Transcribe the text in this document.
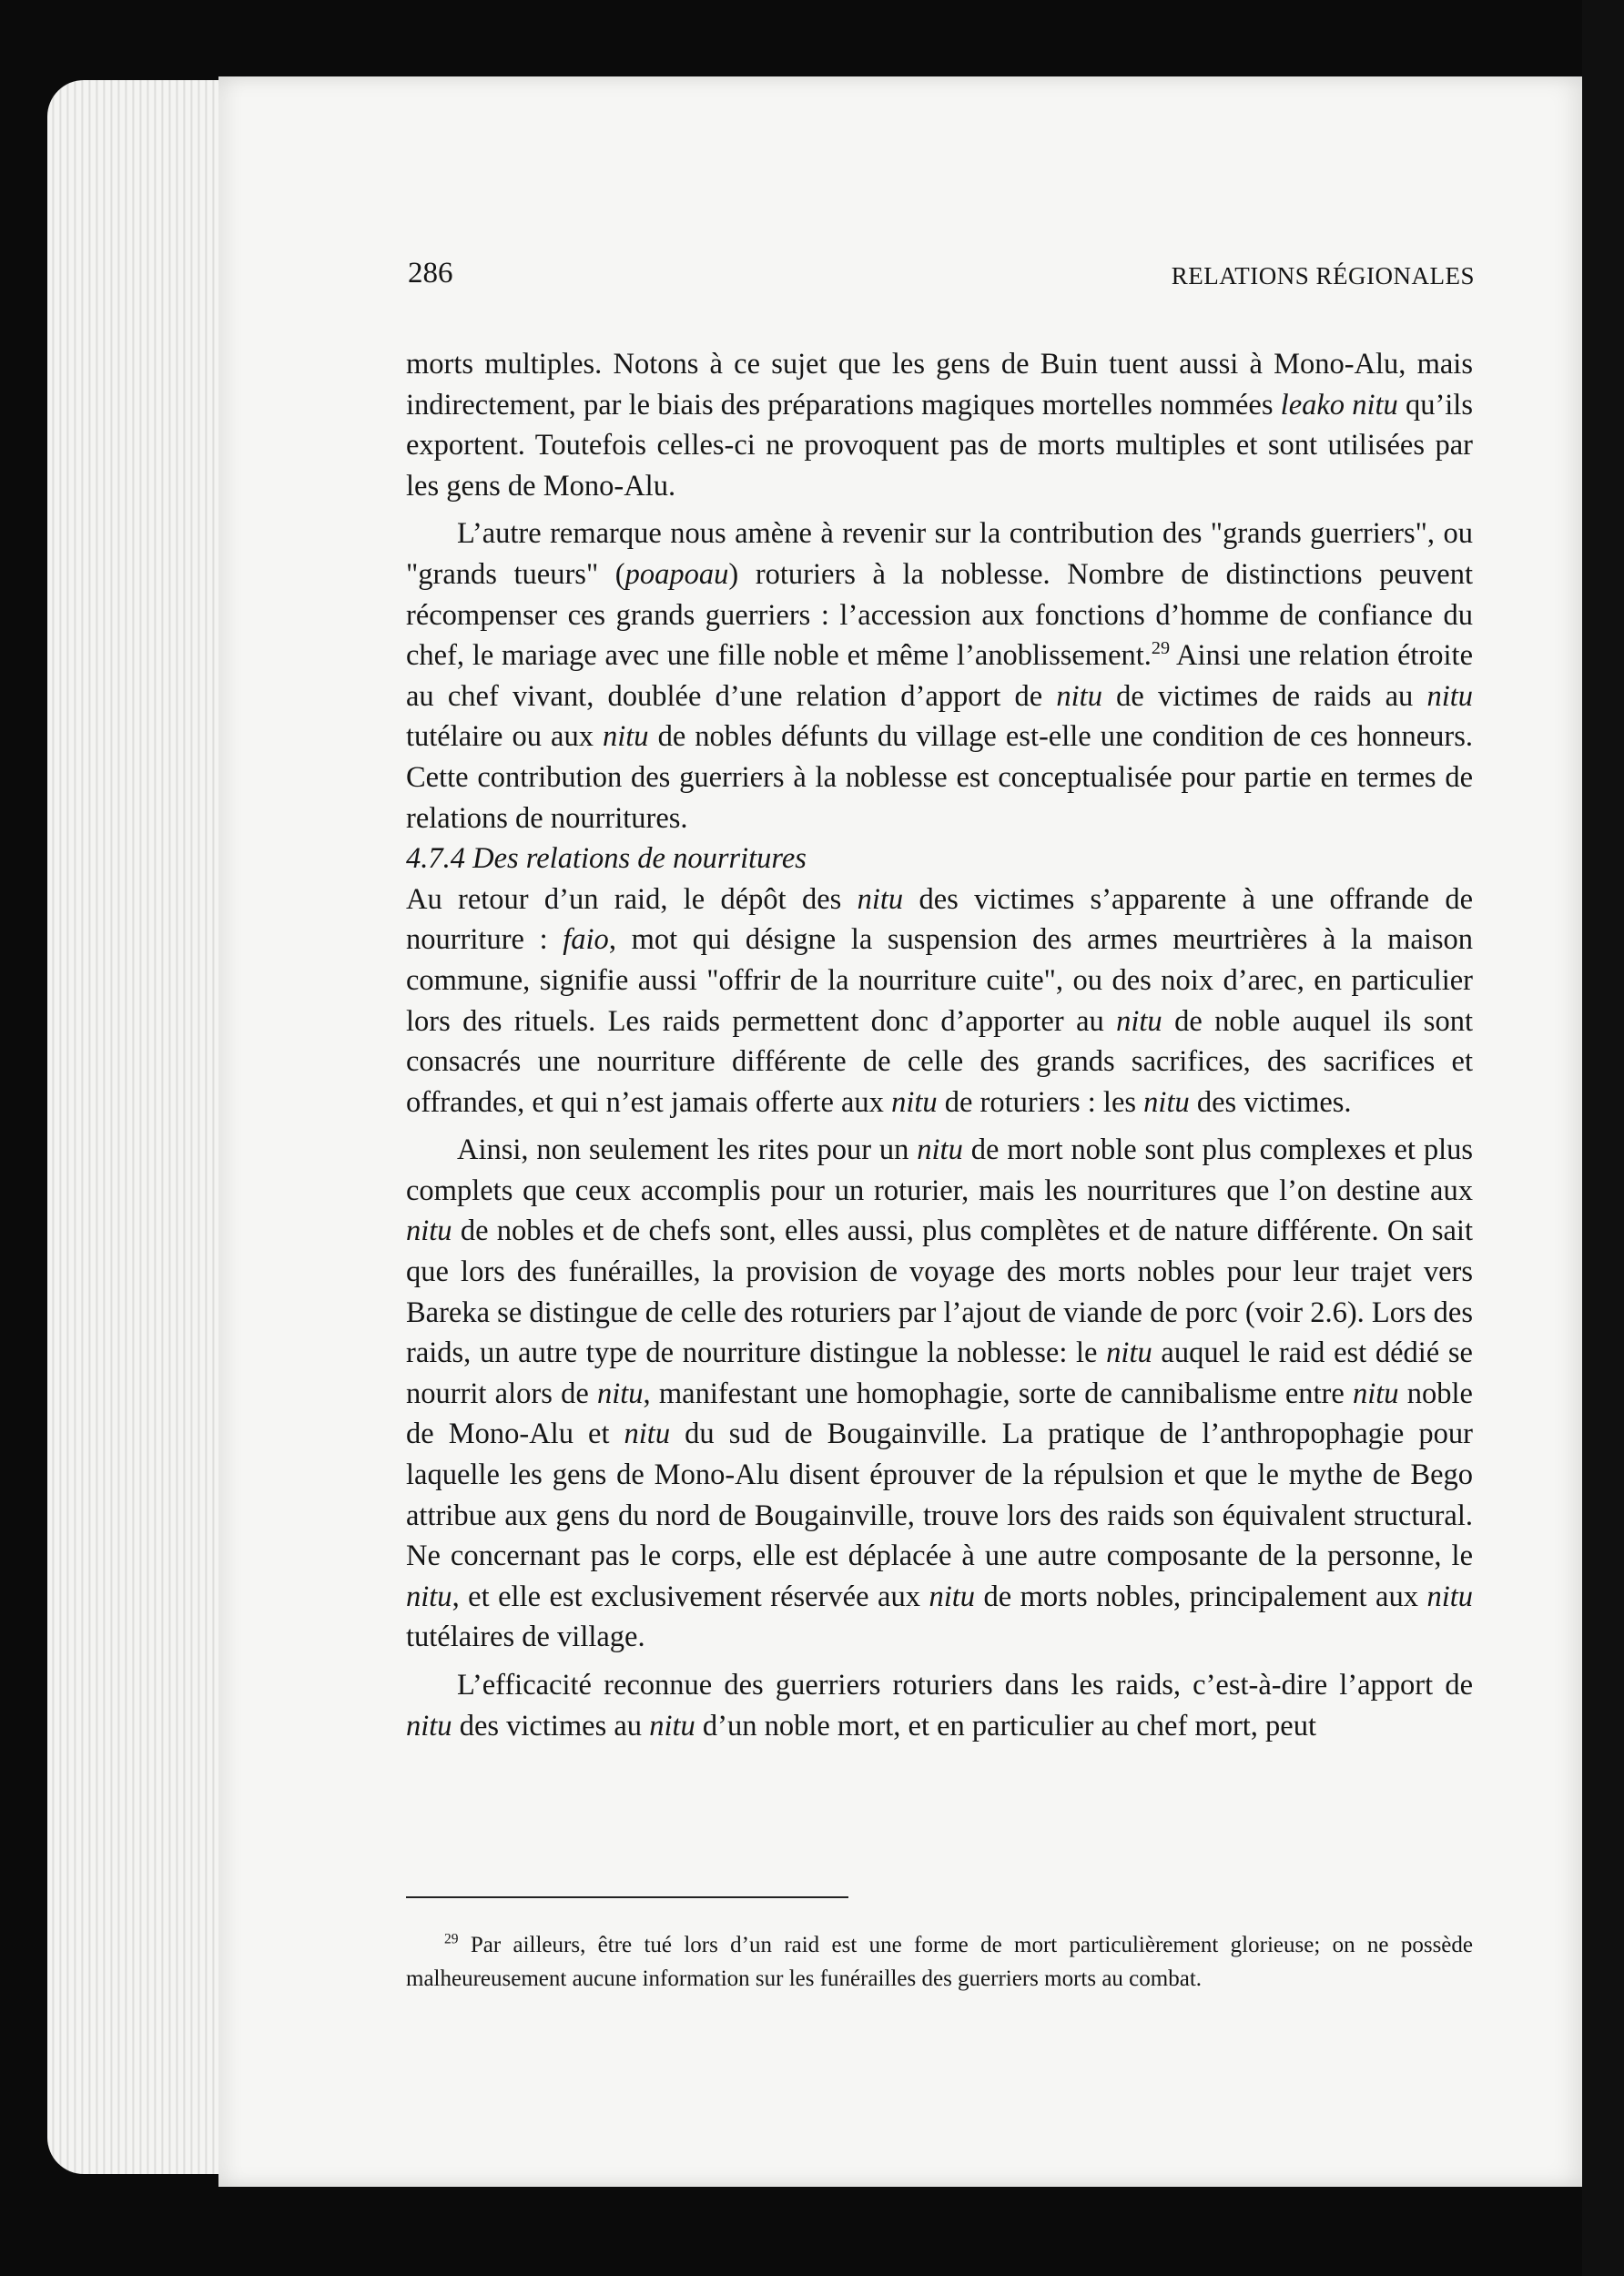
286	RELATIONS RÉGIONALES

morts multiples. Notons à ce sujet que les gens de Buin tuent aussi à Mono-Alu, mais indirectement, par le biais des préparations magiques mortelles nommées leako nitu qu’ils exportent. Toutefois celles-ci ne provoquent pas de morts multiples et sont utilisées par les gens de Mono-Alu.

L’autre remarque nous amène à revenir sur la contribution des "grands guerriers", ou "grands tueurs" (poapoau) roturiers à la noblesse. Nombre de distinctions peuvent récompenser ces grands guerriers : l’accession aux fonctions d’homme de confiance du chef, le mariage avec une fille noble et même l’anoblissement.$^{29}$ Ainsi une relation étroite au chef vivant, doublée d’une relation d’apport de nitu de victimes de raids au nitu tutélaire ou aux nitu de nobles défunts du village est-elle une condition de ces honneurs. Cette contribution des guerriers à la noblesse est conceptualisée pour partie en termes de relations de nourritures.

4.7.4 Des relations de nourritures

Au retour d’un raid, le dépôt des nitu des victimes s’apparente à une offrande de nourriture : faio, mot qui désigne la suspension des armes meurtrières à la maison commune, signifie aussi "offrir de la nourriture cuite", ou des noix d’arec, en particulier lors des rituels. Les raids permettent donc d’apporter au nitu de noble auquel ils sont consacrés une nourriture différente de celle des grands sacrifices, des sacrifices et offrandes, et qui n’est jamais offerte aux nitu de roturiers : les nitu des victimes.

Ainsi, non seulement les rites pour un nitu de mort noble sont plus complexes et plus complets que ceux accomplis pour un roturier, mais les nourritures que l’on destine aux nitu de nobles et de chefs sont, elles aussi, plus complètes et de nature différente. On sait que lors des funérailles, la provision de voyage des morts nobles pour leur trajet vers Bareka se distingue de celle des roturiers par l’ajout de viande de porc (voir 2.6). Lors des raids, un autre type de nourriture distingue la noblesse: le nitu auquel le raid est dédié se nourrit alors de nitu, manifestant une homophagie, sorte de cannibalisme entre nitu noble de Mono-Alu et nitu du sud de Bougainville. La pratique de l’anthropophagie pour laquelle les gens de Mono-Alu disent éprouver de la répulsion et que le mythe de Bego attribue aux gens du nord de Bougainville, trouve lors des raids son équivalent structural. Ne concernant pas le corps, elle est déplacée à une autre composante de la personne, le nitu, et elle est exclusivement réservée aux nitu de morts nobles, principalement aux nitu tutélaires de village.

L’efficacité reconnue des guerriers roturiers dans les raids, c’est-à-dire l’apport de nitu des victimes au nitu d’un noble mort, et en particulier au chef mort, peut

$^{29}$ Par ailleurs, être tué lors d’un raid est une forme de mort particulièrement glorieuse; on ne possède malheureusement aucune information sur les funérailles des guerriers morts au combat.
